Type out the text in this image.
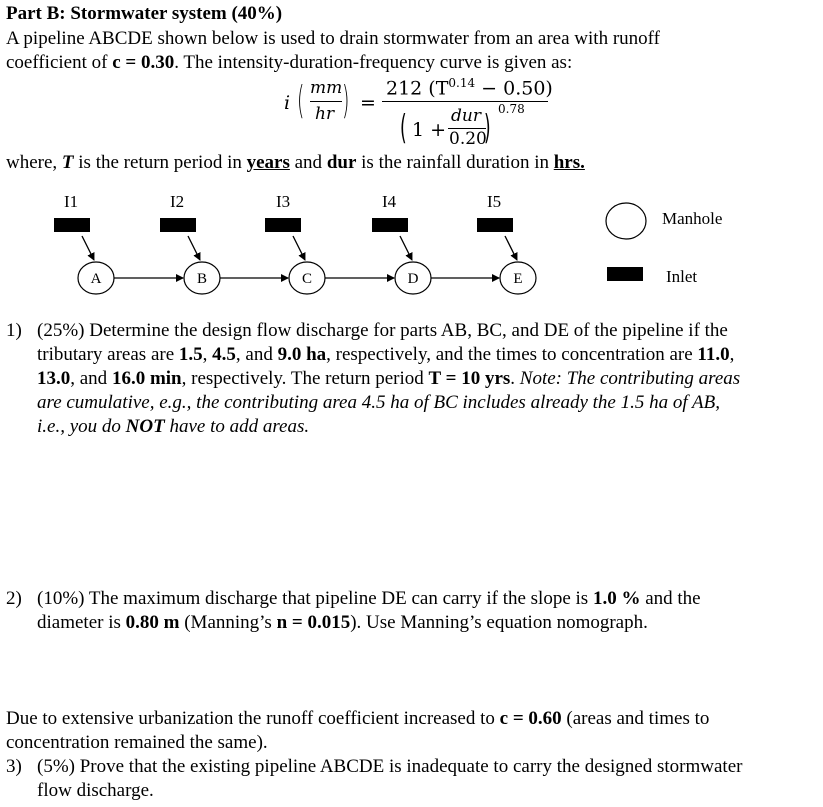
Part B: Stormwater system (40%)
A pipeline ABCDE shown below is used to drain stormwater from an area with runoff
coefficient of c = 0.30. The intensity-duration-frequency curve is given as:
i ( mm
hr ) =
212 $(T^{0.14} - 0.50)$
( 1 +
dur
0.20
) 0.78
where, T is the return period in years and dur is the rainfall duration in hrs.
I1	I2	I3	I4	I5
A	B	C	D	E
Manhole
Inlet
1) (25%) Determine the design flow discharge for parts AB, BC, and DE of the pipeline if the
tributary areas are 1.5, 4.5, and 9.0 ha, respectively, and the times to concentration are 11.0,
13.0, and 16.0 min, respectively. The return period T = 10 yrs. Note: The contributing areas
are cumulative, e.g., the contributing area 4.5 ha of BC includes already the 1.5 ha of AB,
i.e., you do NOT have to add areas.
2) (10%) The maximum discharge that pipeline DE can carry if the slope is 1.0 % and the
diameter is 0.80 m (Manning’s n = 0.015). Use Manning’s equation nomograph.
Due to extensive urbanization the runoff coefficient increased to c = 0.60 (areas and times to
concentration remained the same).
3) (5%) Prove that the existing pipeline ABCDE is inadequate to carry the designed stormwater
flow discharge.
